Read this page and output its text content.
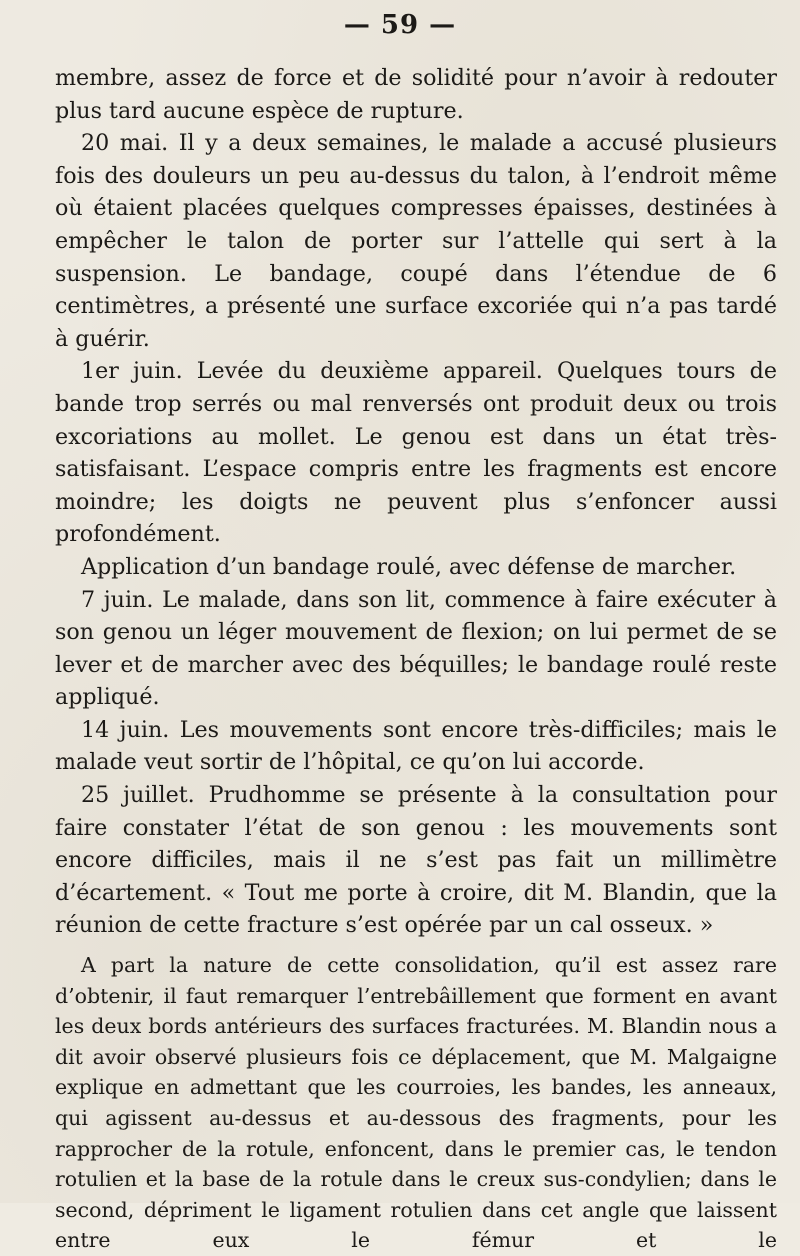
— 59 —

membre, assez de force et de solidité pour n’avoir à redouter plus tard aucune espèce de rupture.

20 mai. Il y a deux semaines, le malade a accusé plusieurs fois des douleurs un peu au-dessus du talon, à l’endroit même où étaient placées quelques compresses épaisses, destinées à empêcher le talon de porter sur l’attelle qui sert à la suspension. Le bandage, coupé dans l’étendue de 6 centimètres, a présenté une surface excoriée qui n’a pas tardé à guérir.

1er juin. Levée du deuxième appareil. Quelques tours de bande trop serrés ou mal renversés ont produit deux ou trois excoriations au mollet. Le genou est dans un état très-satisfaisant. L’espace compris entre les fragments est encore moindre; les doigts ne peuvent plus s’enfoncer aussi profondément.

Application d’un bandage roulé, avec défense de marcher.

7 juin. Le malade, dans son lit, commence à faire exécuter à son genou un léger mouvement de flexion; on lui permet de se lever et de marcher avec des béquilles; le bandage roulé reste appliqué.

14 juin. Les mouvements sont encore très-difficiles; mais le malade veut sortir de l’hôpital, ce qu’on lui accorde.

25 juillet. Prudhomme se présente à la consultation pour faire constater l’état de son genou : les mouvements sont encore difficiles, mais il ne s’est pas fait un millimètre d’écartement. « Tout me porte à croire, dit M. Blandin, que la réunion de cette fracture s’est opérée par un cal osseux. »

A part la nature de cette consolidation, qu’il est assez rare d’obtenir, il faut remarquer l’entrebâillement que forment en avant les deux bords antérieurs des surfaces fracturées. M. Blandin nous a dit avoir observé plusieurs fois ce déplacement, que M. Malgaigne explique en admettant que les courroies, les bandes, les anneaux, qui agissent au-dessus et au-dessous des fragments, pour les rapprocher de la rotule, enfoncent, dans le premier cas, le tendon rotulien et la base de la rotule dans le creux sus-condylien; dans le second, dépriment le ligament rotulien dans cet angle que laissent entre eux le fémur et le
